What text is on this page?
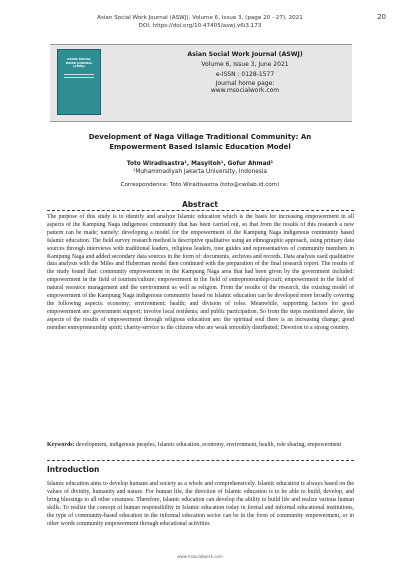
Asian Social Work Journal (ASWJ), Volume 6, Issue 3, (page 20 - 27), 2021
DOI: https://doi.org/10.47405/aswj.v6i3.173
20
ASIAN SOCIAL WORK JOURNAL (ASWJ)
Asian Social Work Journal (ASWJ)
Volume 6, Issue 3, June 2021
e-ISSN : 0128-1577
Journal home page:
www.msocialwork.com
Development of Naga Village Traditional Community: An Empowerment Based Islamic Education Model
Toto Wiradisastra¹, Masyitoh¹, Gofur Ahmad¹
¹Muhammadiyah Jakarta University, Indonesia
Correspondence: Toto Wiradisastra (toto@cwilab.id.com)
Abstract
The purpose of this study is to identify and analyze Islamic education which is the basis for increasing empowerment in all aspects of the Kampung Naga indigenous community that has been carried out, so that from the results of this research a new pattern can be made; namely: developing a model for the empowerment of the Kampung Naga indigenous community based Islamic education. The field survey research method is descriptive qualitative using an ethnographic approach, using primary data sources through interviews with traditional leaders, religious leaders, tour guides and representatives of community members in Kampung Naga and added secondary data sources in the form of: documents, archives and records. Data analysis used qualitative data analysis with the Miles and Huberman model then continued with the preparation of the final research report. The results of the study found that: community empowerment in the Kampung Naga area that had been given by the government included: empowerment in the field of tourism/culture; empowerment in the field of entrepreneurship/craft; empowerment in the field of natural resource management and the environment as well as religion. From the results of the research, the existing model of empowerment of the Kampung Naga indigenous community based on Islamic education can be developed more broadly covering the following aspects: economy; environment; health; and division of roles. Meanwhile, supporting factors for good empowerment are: government support; involve local residents; and public participation. So from the steps mentioned above, the aspects of the results of empowerment through religious education are: the spiritual soul there is an increasing change; good member entrepreneurship spirit; charity-service to the citizens who are weak smoothly distributed; Devotion to a strong country.
Keywords: development, indigenous peoples, Islamic education, economy, environment, health, role sharing, empowerment
Introduction
Islamic education aims to develop humans and society as a whole and comprehensively. Islamic education is always based on the values of divinity, humanity and nature. For human life, the direction of Islamic education is to be able to build, develop, and bring blessings to all other creatures. Therefore, Islamic education can develop the ability to build life and realize various human skills. To realize the concept of human responsibility in Islamic education today in formal and informal educational institutions, the type of community-based education in the informal education sector can be in the form of community empowerment, or in other words community empowerment through educational activities
www.msocialwork.com
